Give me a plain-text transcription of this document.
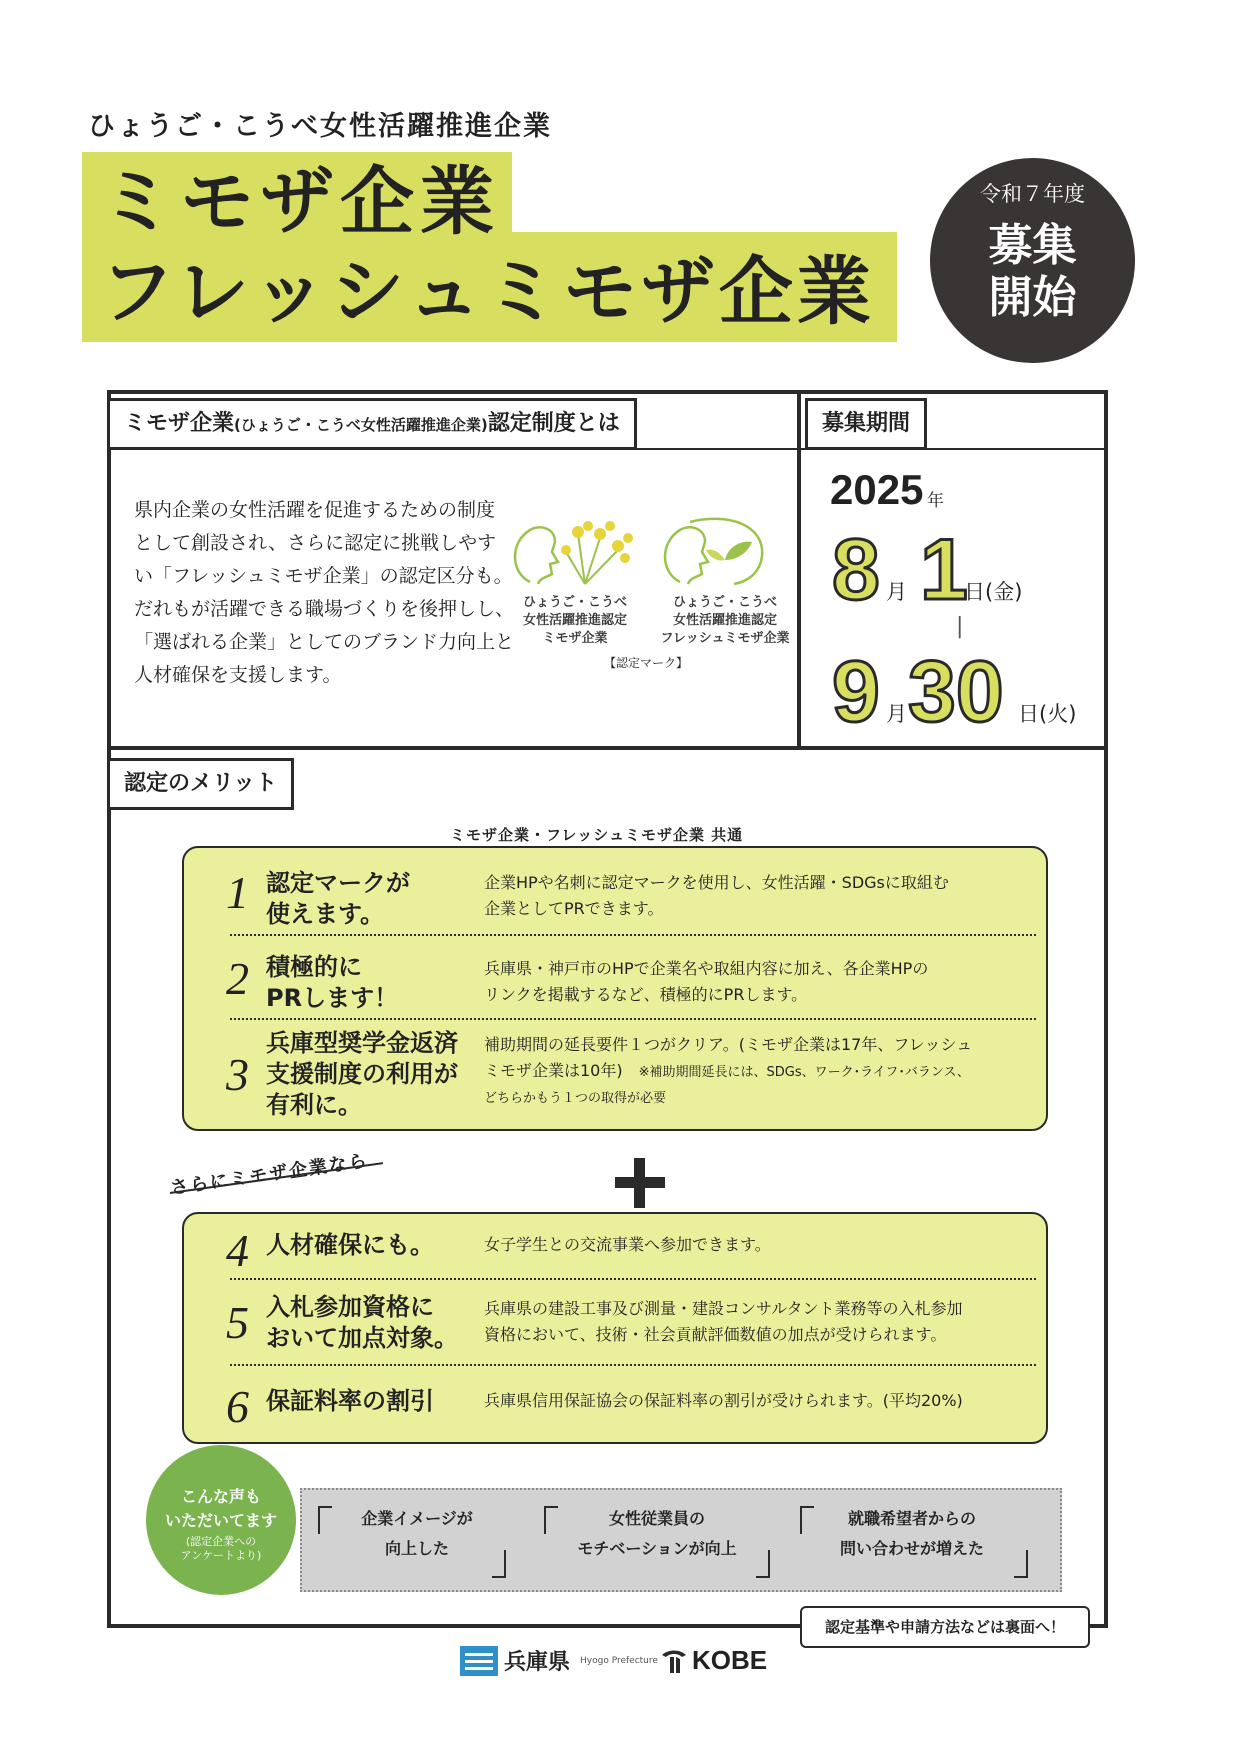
ひょうご・こうべ女性活躍推進企業
ミモザ企業
フレッシュミモザ企業
令和７年度
募集
開始
ミモザ企業(ひょうご・こうべ女性活躍推進企業)認定制度とは

県内企業の女性活躍を促進するための制度

として創設され、さらに認定に挑戦しやす

い「フレッシュミモザ企業」の認定区分も。

だれもが活躍できる職場づくりを後押しし、

「選ばれる企業」としてのブランド力向上と

人材確保を支援します。

ひょうご・こうべ
女性活躍推進認定
ミモザ企業
ひょうご・こうべ
女性活躍推進認定
フレッシュミモザ企業
【認定マーク】
募集期間
2025 年
8 月 1
日(金)
|
9 月 30 日(火)
認定のメリット
ミモザ企業・フレッシュミモザ企業 共通
1 認定マークが
使えます。
企業HPや名刺に認定マークを使用し、女性活躍・SDGsに取組む
企業としてPRできます。
2 積極的に
PRします！
兵庫県・神戸市のHPで企業名や取組内容に加え、各企業HPの
リンクを掲載するなど、積極的にPRします。
3
兵庫型奨学金返済
支援制度の利用が
有利に。
補助期間の延長要件１つがクリア。(ミモザ企業は17年、フレッシュ
ミモザ企業は10年)　 ※補助期間延長には、SDGs、ワーク･ライフ･バランス、
どちらかもう１つの取得が必要
さらにミモザ企業なら
4 人材確保にも。	女子学生との交流事業へ参加できます。
5 入札参加資格に
おいて加点対象。
兵庫県の建設工事及び測量・建設コンサルタント業務等の入札参加
資格において、技術・社会貢献評価数値の加点が受けられます。
6 保証料率の割引	兵庫県信用保証協会の保証料率の割引が受けられます。(平均20%)
企業イメージが
向上した
女性従業員の
モチベーションが向上
就職希望者からの
問い合わせが増えた
こんな声も
いただいてます
(認定企業への
アンケートより)
認定基準や申請方法などは裏面へ！
兵庫県 Hyogo Prefecture KOBE
